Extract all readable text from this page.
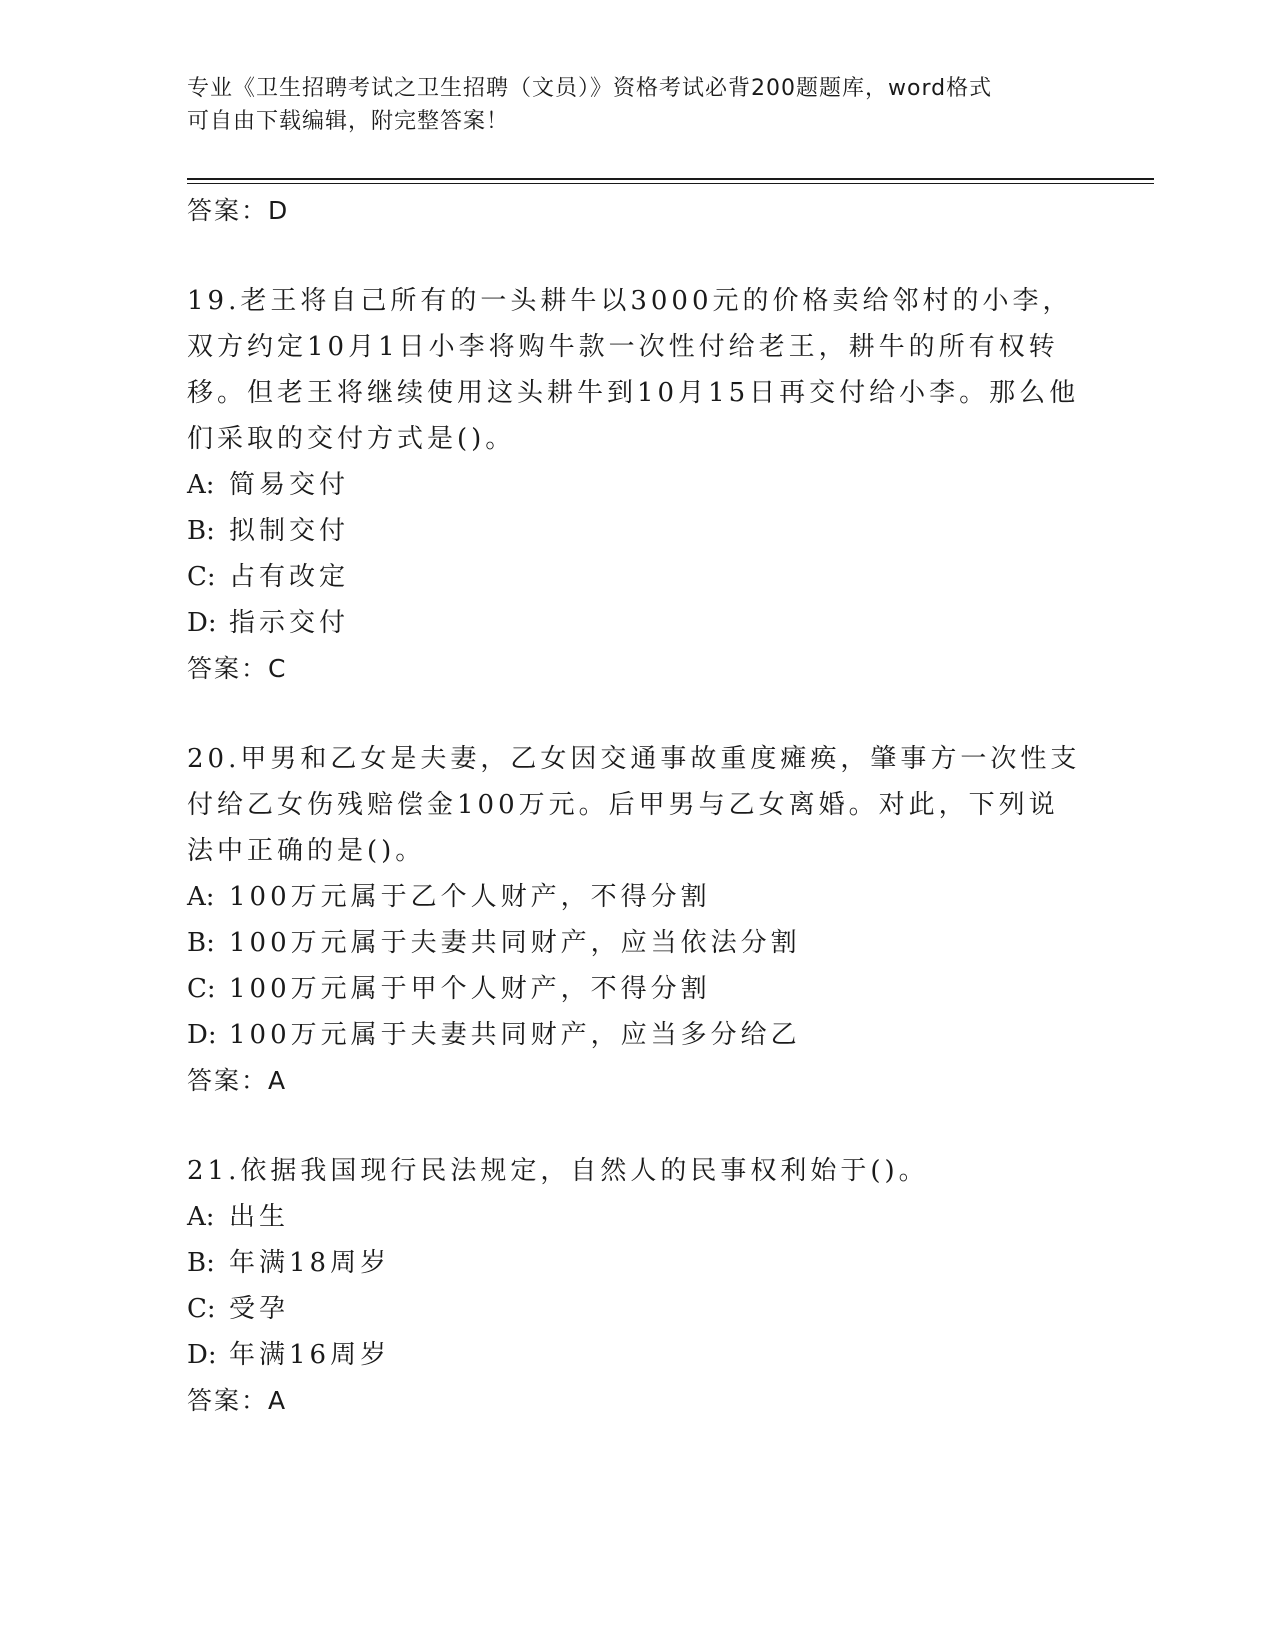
专业《卫生招聘考试之卫生招聘（文员）》资格考试必背200题题库，word格式
可自由下载编辑，附完整答案！
答案：D
19.老王将自己所有的一头耕牛以3000元的价格卖给邻村的小李，双方约定10月1日小李将购牛款一次性付给老王，耕牛的所有权转移。但老王将继续使用这头耕牛到10月15日再交付给小李。那么他们采取的交付方式是()。
A: 简易交付
B: 拟制交付
C: 占有改定
D: 指示交付
答案：C
20.甲男和乙女是夫妻，乙女因交通事故重度瘫痪，肇事方一次性支付给乙女伤残赔偿金100万元。后甲男与乙女离婚。对此，下列说法中正确的是()。
A: 100万元属于乙个人财产，不得分割
B: 100万元属于夫妻共同财产，应当依法分割
C: 100万元属于甲个人财产，不得分割
D: 100万元属于夫妻共同财产，应当多分给乙
答案：A
21.依据我国现行民法规定，自然人的民事权利始于()。
A: 出生
B: 年满18周岁
C: 受孕
D: 年满16周岁
答案：A
